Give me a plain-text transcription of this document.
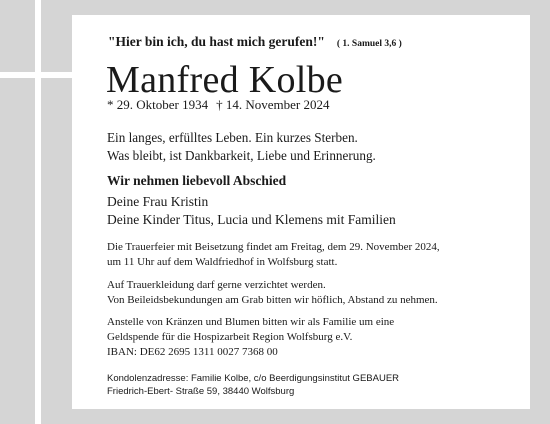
"Hier bin ich, du hast mich gerufen!" ( 1. Samuel 3,6 )
Manfred Kolbe
* 29. Oktober 1934 † 14. November 2024
Ein langes, erfülltes Leben. Ein kurzes Sterben.
Was bleibt, ist Dankbarkeit, Liebe und Erinnerung.
Wir nehmen liebevoll Abschied
Deine Frau Kristin
Deine Kinder Titus, Lucia und Klemens mit Familien
Die Trauerfeier mit Beisetzung findet am Freitag, dem 29. November 2024,
um 11 Uhr auf dem Waldfriedhof in Wolfsburg statt.
Auf Trauerkleidung darf gerne verzichtet werden.
Von Beileidsbekundungen am Grab bitten wir höflich, Abstand zu nehmen.
Anstelle von Kränzen und Blumen bitten wir als Familie um eine
Geldspende für die Hospizarbeit Region Wolfsburg e.V.
IBAN: DE62 2695 1311 0027 7368 00
Kondolenzadresse: Familie Kolbe, c/o Beerdigungsinstitut GEBAUER
Friedrich-Ebert- Straße 59, 38440 Wolfsburg
